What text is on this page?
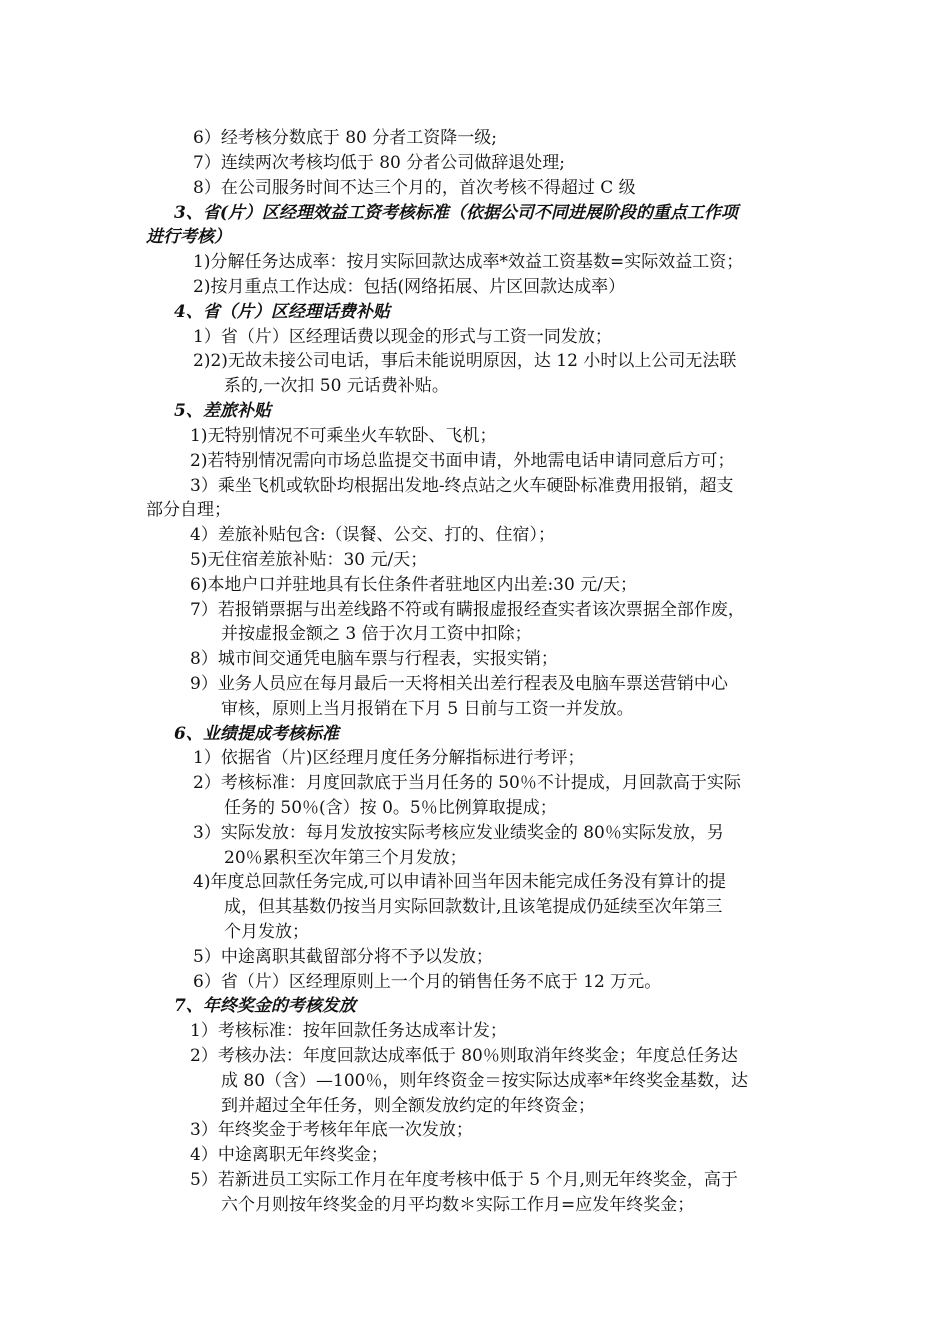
6）经考核分数底于 80 分者工资降一级;
7）连续两次考核均低于 80 分者公司做辞退处理;
8）在公司服务时间不达三个月的，首次考核不得超过 C 级
3、省(片）区经理效益工资考核标准（依据公司不同进展阶段的重点工作项
进行考核）
1)分解任务达成率：按月实际回款达成率*效益工资基数=实际效益工资；
2)按月重点工作达成：包括(网络拓展、片区回款达成率）
4、省（片）区经理话费补贴
1）省（片）区经理话费以现金的形式与工资一同发放；
2)2)无故未接公司电话，事后未能说明原因，达 12 小时以上公司无法联
系的,一次扣 50 元话费补贴。
5、差旅补贴
1)无特别情况不可乘坐火车软卧、飞机；
2)若特别情况需向市场总监提交书面申请，外地需电话申请同意后方可；
3）乘坐飞机或软卧均根据出发地-终点站之火车硬卧标准费用报销，超支
部分自理；
4）差旅补贴包含:（误餐、公交、打的、住宿）；
5)无住宿差旅补贴：30 元/天；
6)本地户口并驻地具有长住条件者驻地区内出差:30 元/天；
7）若报销票据与出差线路不符或有瞒报虚报经查实者该次票据全部作废，
并按虚报金额之 3 倍于次月工资中扣除；
8）城市间交通凭电脑车票与行程表，实报实销；
9）业务人员应在每月最后一天将相关出差行程表及电脑车票送营销中心
审核，原则上当月报销在下月 5 日前与工资一并发放。
6、业绩提成考核标准
1）依据省（片)区经理月度任务分解指标进行考评；
2）考核标准：月度回款底于当月任务的 50％不计提成，月回款高于实际
任务的 50％(含）按 0。5％比例算取提成；
3）实际发放：每月发放按实际考核应发业绩奖金的 80％实际发放，另
20％累积至次年第三个月发放；
4)年度总回款任务完成,可以申请补回当年因未能完成任务没有算计的提
成，但其基数仍按当月实际回款数计,且该笔提成仍延续至次年第三
个月发放；
5）中途离职其截留部分将不予以发放；
6）省（片）区经理原则上一个月的销售任务不底于 12 万元。
7、年终奖金的考核发放
1）考核标准：按年回款任务达成率计发；
2）考核办法：年度回款达成率低于 80％则取消年终奖金；年度总任务达
成 80（含）—100％，则年终资金＝按实际达成率*年终奖金基数，达
到并超过全年任务，则全额发放约定的年终资金；
3）年终奖金于考核年年底一次发放；
4）中途离职无年终奖金；
5）若新进员工实际工作月在年度考核中低于 5 个月,则无年终奖金，高于
六个月则按年终奖金的月平均数＊实际工作月=应发年终奖金；
